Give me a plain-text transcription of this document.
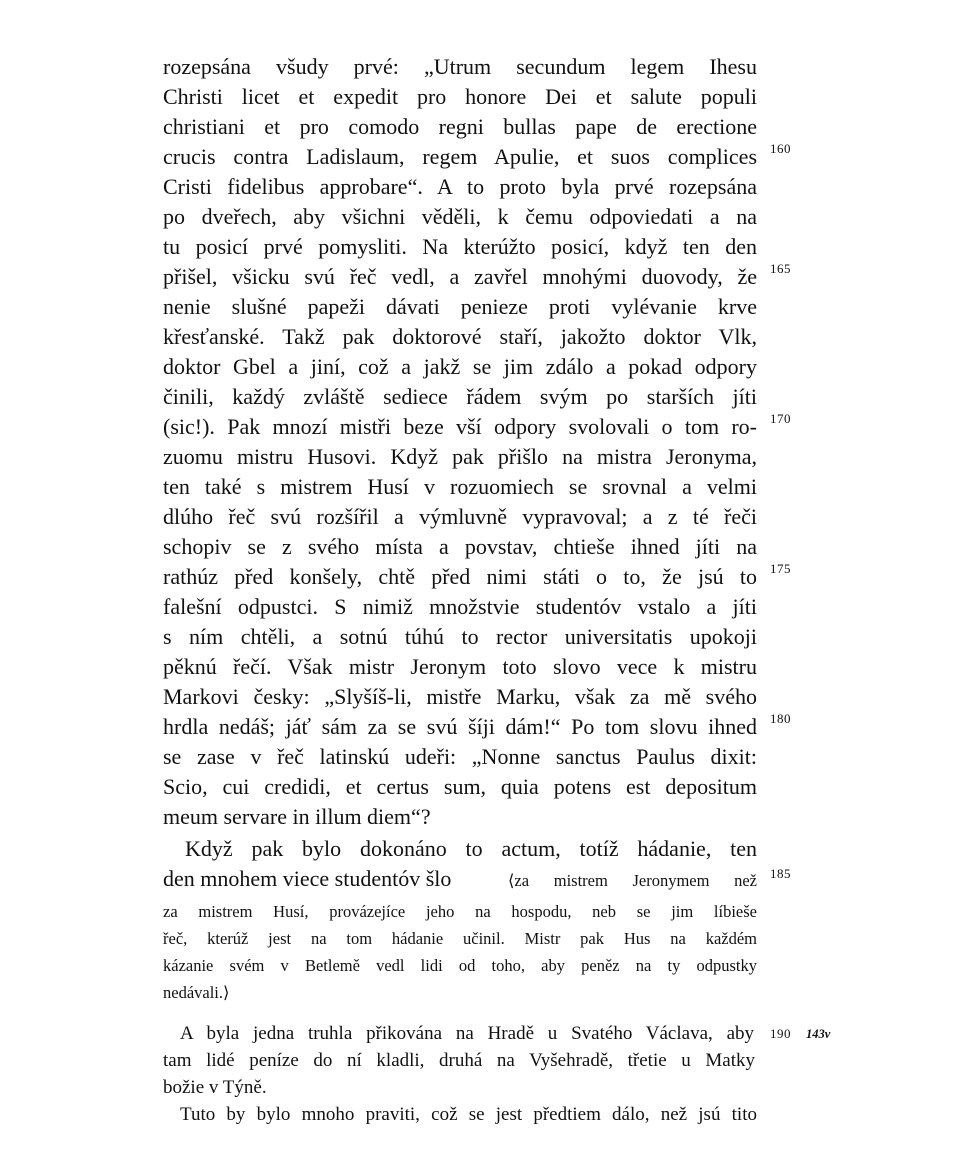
rozepsána všudy prvé: „Utrum secundum legem Ihesu
Christi licet et expedit pro honore Dei et salute populi
christiani et pro comodo regni bullas pape de erectione
crucis contra Ladislaum, regem Apulie, et suos complices
Cristi fidelibus approbare“. A to proto byla prvé rozepsána
po dveřech, aby všichni věděli, k čemu odpoviedati a na
tu posicí prvé pomysliti. Na kterúžto posicí, když ten den
přišel, všicku svú řeč vedl, a zavřel mnohými duovody, že
nenie slušné papeži dávati penieze proti vylévanie krve
křesťanské. Takž pak doktorové staří, jakožto doktor Vlk,
doktor Gbel a jiní, což a jakž se jim zdálo a pokad odpory
činili, každý zvláště sediece řádem svým po starších jíti
(sic!). Pak mnozí mistři beze vší odpory svolovali o tom ro-
zuomu mistru Husovi. Když pak přišlo na mistra Jeronyma,
ten také s mistrem Husí v rozuomiech se srovnal a velmi
dlúho řeč svú rozšířil a výmluvně vypravoval; a z té řeči
schopiv se z svého místa a povstav, chtieše ihned jíti na
rathúz před konšely, chtě před nimi státi o to, že jsú to
falešní odpustci. S nimiž množstvie studentóv vstalo a jíti
s ním chtěli, a sotnú túhú to rector universitatis upokoji
pěknú řečí. Však mistr Jeronym toto slovo vece k mistru
Markovi česky: „Slyšíš-li, mistře Marku, však za mě svého
hrdla nedáš; jáť sám za se svú šíji dám!“ Po tom slovu ihned
se zase v řeč latinskú udeři: „Nonne sanctus Paulus dixit:
Scio, cui credidi, et certus sum, quia potens est depositum
meum servare in illum diem“?
Když pak bylo dokonáno to actum, totíž hádanie, ten
den mnohem viece studentóv šlo	⟨za mistrem Jeronymem než
za mistrem Husí, provázejíce jeho na hospodu, neb se jim líbieše
řeč, kterúž jest na tom hádanie učinil. Mistr pak Hus na každém
kázanie svém v Betlemě vedl lidi od toho, aby peněz na ty odpustky
nedávali.⟩
A byla jedna truhla přikována na Hradě u Svatého Václava, aby
tam lidé peníze do ní kladli, druhá na Vyšehradě, třetie u Matky
božie v Týně.
Tuto by bylo mnoho praviti, což se jest předtiem dálo, než jsú tito
160
165
170
175
180
185
190 143v
